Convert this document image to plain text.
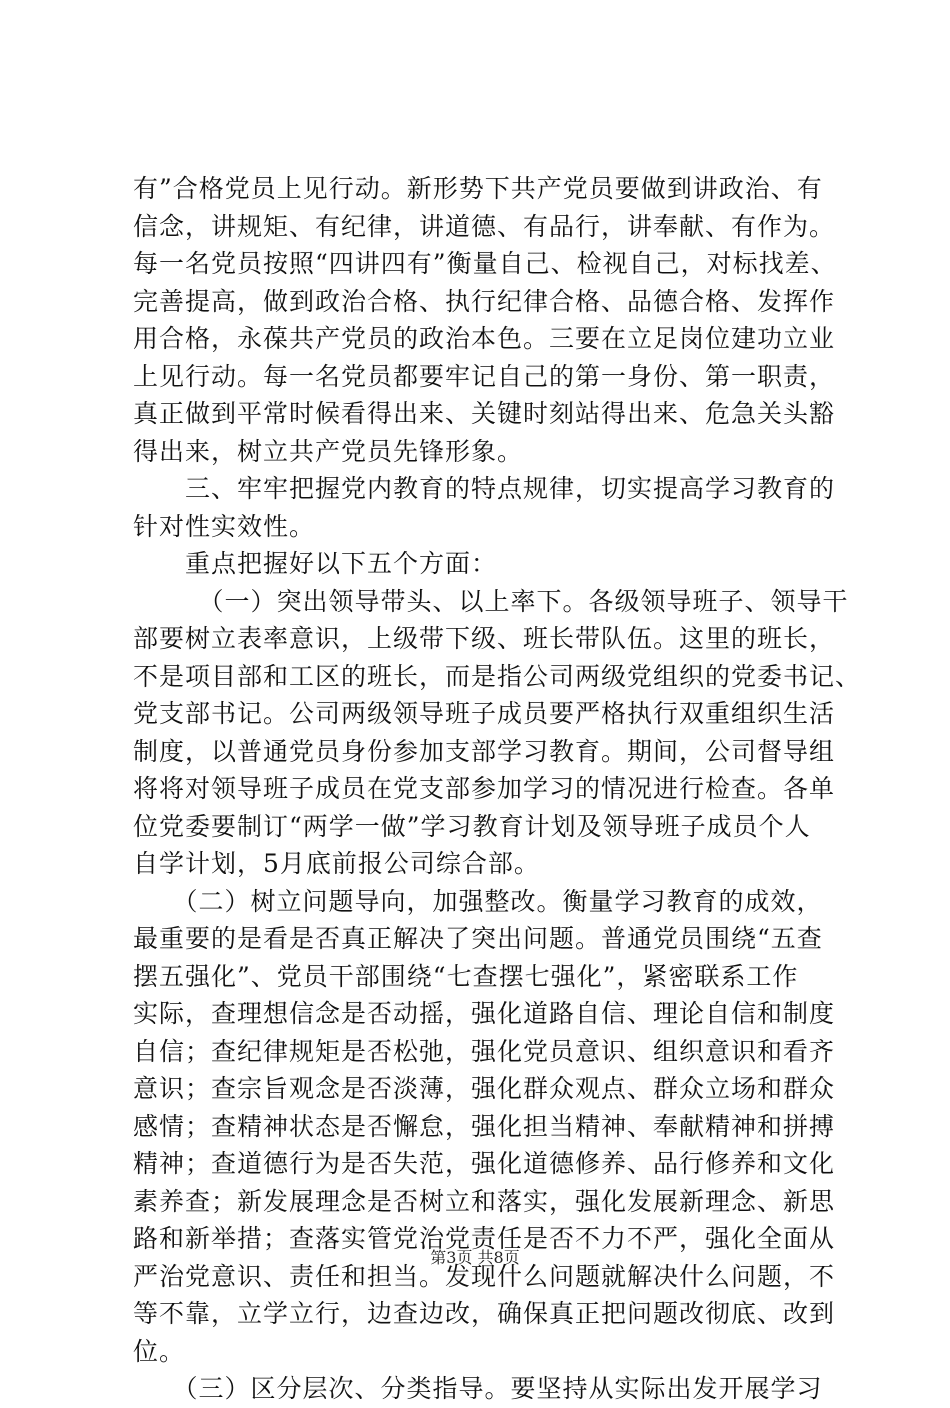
有”合格党员上见行动。新形势下共产党员要做到讲政治、有
信念，讲规矩、有纪律，讲道德、有品行，讲奉献、有作为。
每一名党员按照“四讲四有”衡量自己、检视自己，对标找差、
完善提高，做到政治合格、执行纪律合格、品德合格、发挥作
用合格，永葆共产党员的政治本色。三要在立足岗位建功立业
上见行动。每一名党员都要牢记自己的第一身份、第一职责，
真正做到平常时候看得出来、关键时刻站得出来、危急关头豁
得出来，树立共产党员先锋形象。
　　三、牢牢把握党内教育的特点规律，切实提高学习教育的
针对性实效性。
　　重点把握好以下五个方面：
　　　（一）突出领导带头、以上率下。各级领导班子、领导干
部要树立表率意识，上级带下级、班长带队伍。这里的班长，
不是项目部和工区的班长，而是指公司两级党组织的党委书记、
党支部书记。公司两级领导班子成员要严格执行双重组织生活
制度，以普通党员身份参加支部学习教育。期间，公司督导组
将将对领导班子成员在党支部参加学习的情况进行检查。各单
位党委要制订“两学一做”学习教育计划及领导班子成员个人
自学计划，5月底前报公司综合部。
　　（二）树立问题导向，加强整改。衡量学习教育的成效，
最重要的是看是否真正解决了突出问题。普通党员围绕“五查
摆五强化”、党员干部围绕“七查摆七强化”，紧密联系工作
实际，查理想信念是否动摇，强化道路自信、理论自信和制度
自信；查纪律规矩是否松弛，强化党员意识、组织意识和看齐
意识；查宗旨观念是否淡薄，强化群众观点、群众立场和群众
感情；查精神状态是否懈怠，强化担当精神、奉献精神和拼搏
精神；查道德行为是否失范，强化道德修养、品行修养和文化
素养查；新发展理念是否树立和落实，强化发展新理念、新思
路和新举措；查落实管党治党责任是否不力不严，强化全面从
严治党意识、责任和担当。发现什么问题就解决什么问题，不
等不靠，立学立行，边查边改，确保真正把问题改彻底、改到
位。
　　（三）区分层次、分类指导。要坚持从实际出发开展学习
第3页 共8页
